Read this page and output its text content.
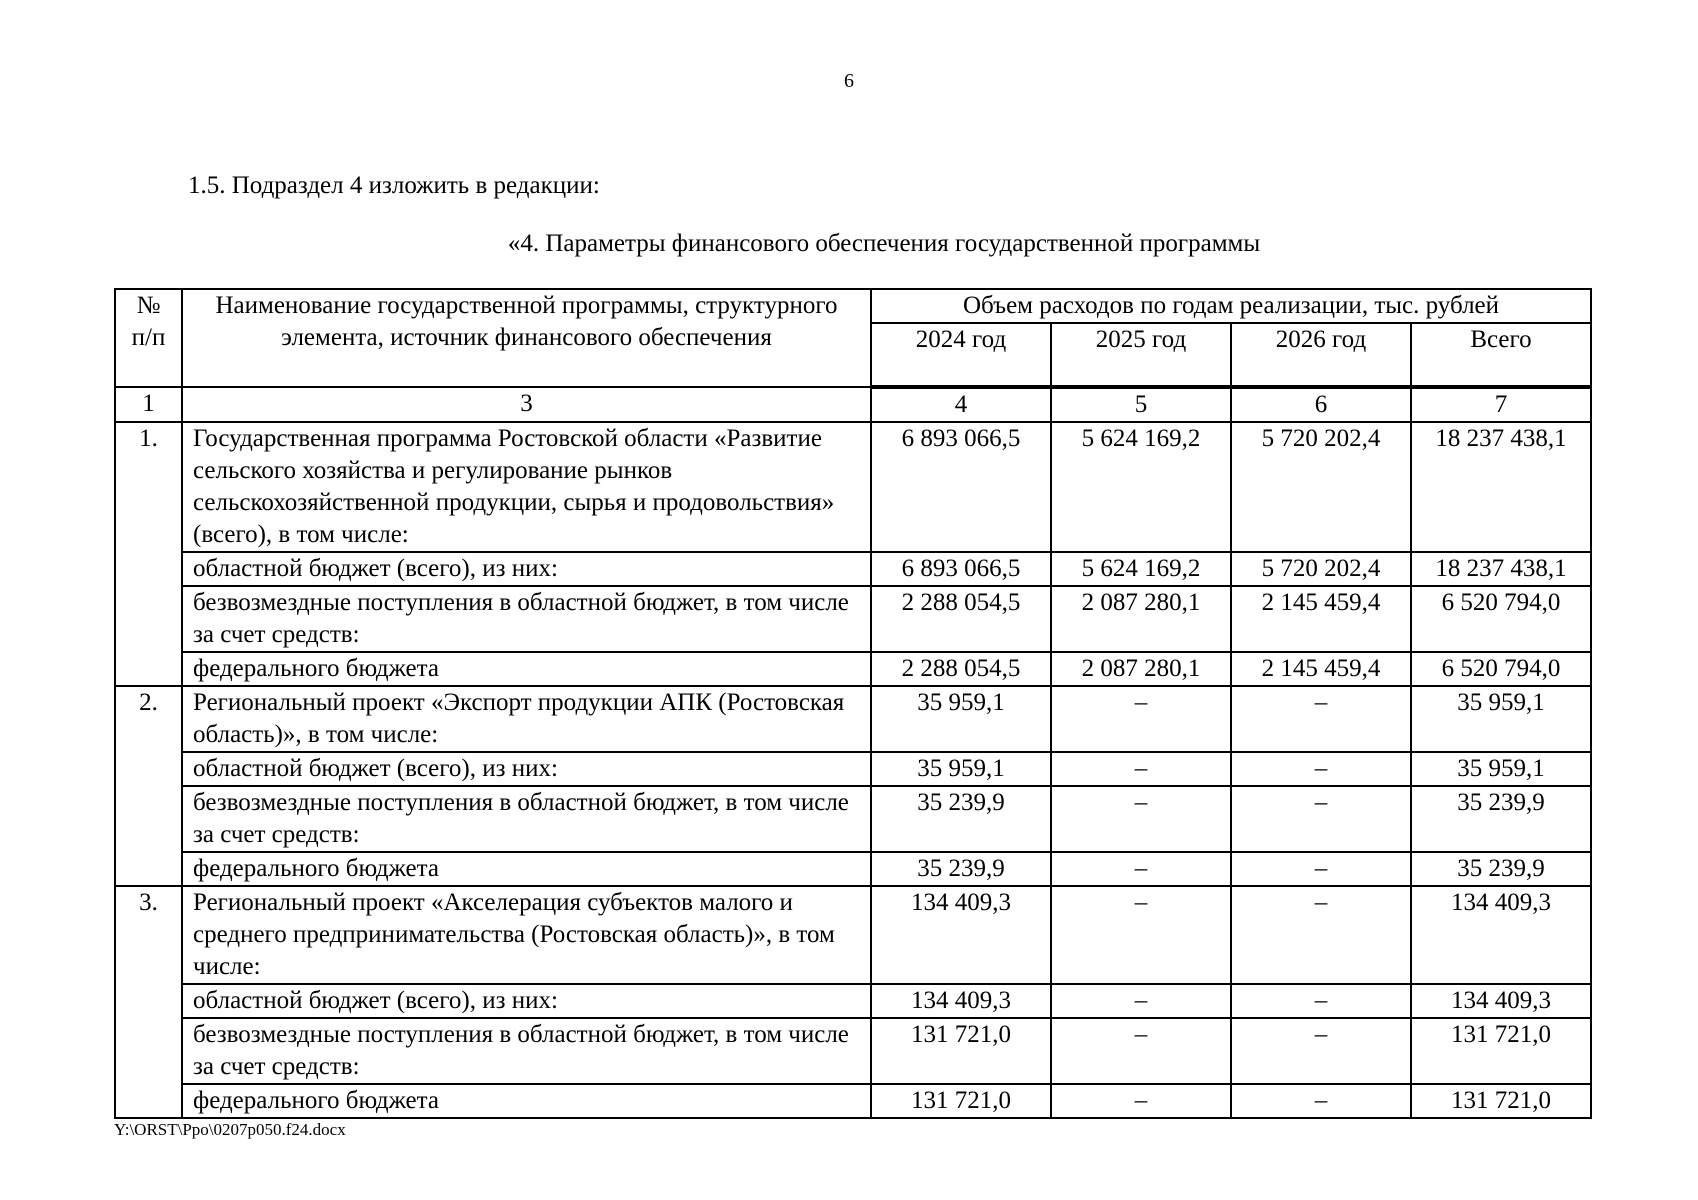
6
1.5. Подраздел 4 изложить в редакции:
«4. Параметры финансового обеспечения государственной программы
№ п/п	Наименование государственной программы, структурного элемента, источник финансового обеспечения	Объем расходов по годам реализации, тыс. рублей			
		2024 год	2025 год	2026 год	Всего
1	3	4	5	6	7
1.	Государственная программа Ростовской области «Развитие сельского хозяйства и регулирование рынков сельскохозяйственной продукции, сырья и продовольствия» (всего), в том числе:	6 893 066,5	5 624 169,2	5 720 202,4	18 237 438,1
	областной бюджет (всего), из них:	6 893 066,5	5 624 169,2	5 720 202,4	18 237 438,1
	безвозмездные поступления в областной бюджет, в том числе за счет средств:	2 288 054,5	2 087 280,1	2 145 459,4	6 520 794,0
	федерального бюджета	2 288 054,5	2 087 280,1	2 145 459,4	6 520 794,0
2.	Региональный проект «Экспорт продукции АПК (Ростовская область)», в том числе:	35 959,1	–	–	35 959,1
	областной бюджет (всего), из них:	35 959,1	–	–	35 959,1
	безвозмездные поступления в областной бюджет, в том числе за счет средств:	35 239,9	–	–	35 239,9
	федерального бюджета	35 239,9	–	–	35 239,9
3.	Региональный проект «Акселерация субъектов малого и среднего предпринимательства (Ростовская область)», в том числе:	134 409,3	–	–	134 409,3
	областной бюджет (всего), из них:	134 409,3	–	–	134 409,3
	безвозмездные поступления в областной бюджет, в том числе за счет средств:	131 721,0	–	–	131 721,0
	федерального бюджета	131 721,0	–	–	131 721,0
Y:\ORST\Ppo\0207p050.f24.docx
